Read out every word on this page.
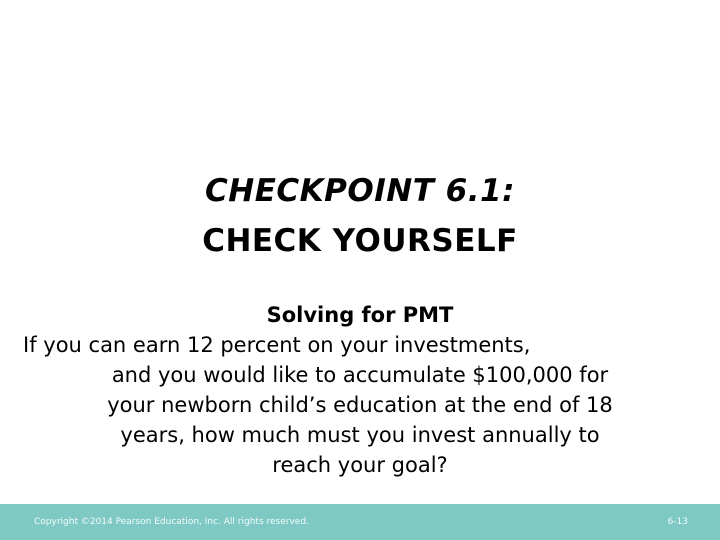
CHECKPOINT 6.1:
CHECK YOURSELF
Solving for PMT
If you can earn 12 percent on your investments,
and you would like to accumulate $100,000 for
your newborn child’s education at the end of 18
years, how much must you invest annually to
reach your goal?
Copyright ©2014 Pearson Education, Inc. All rights reserved.	6-13
